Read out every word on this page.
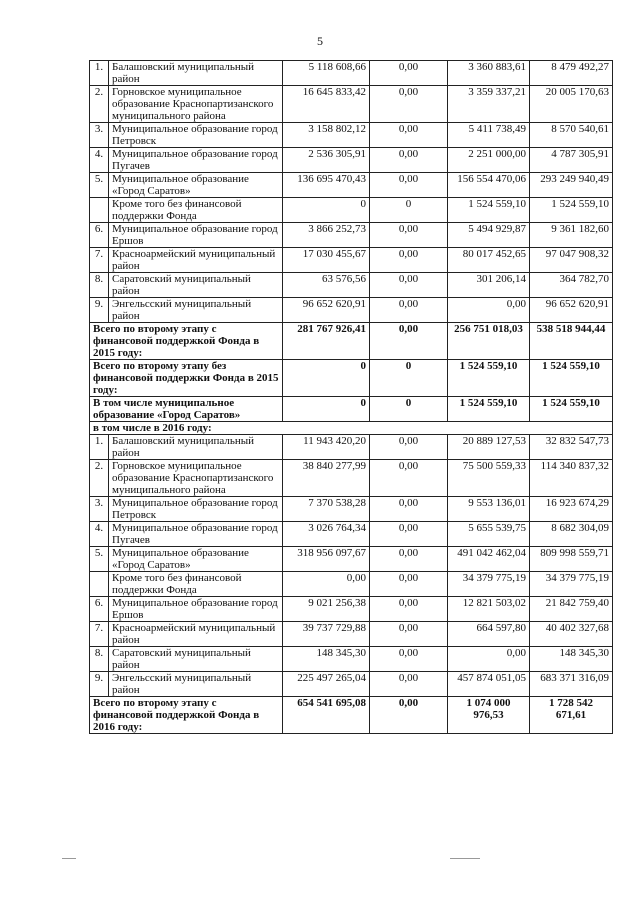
5
1.	Балашовский муниципальный район	5 118 608,66	0,00	3 360 883,61	8 479 492,27
2.	Горновское муниципальное образование Краснопартизанского муниципального района	16 645 833,42	0,00	3 359 337,21	20 005 170,63
3.	Муниципальное образование город Петровск	3 158 802,12	0,00	5 411 738,49	8 570 540,61
4.	Муниципальное образование город Пугачев	2 536 305,91	0,00	2 251 000,00	4 787 305,91
5.	Муниципальное образование «Город Саратов»	136 695 470,43	0,00	156 554 470,06	293 249 940,49
	Кроме того без финансовой поддержки Фонда	0	0	1 524 559,10	1 524 559,10
6.	Муниципальное образование город Ершов	3 866 252,73	0,00	5 494 929,87	9 361 182,60
7.	Красноармейский муниципальный район	17 030 455,67	0,00	80 017 452,65	97 047 908,32
8.	Саратовский муниципальный район	63 576,56	0,00	301 206,14	364 782,70
9.	Энгельсский муниципальный район	96 652 620,91	0,00	0,00	96 652 620,91
Всего по второму этапу с финансовой поддержкой Фонда в 2015 году:		281 767 926,41	0,00	256 751 018,03	538 518 944,44
Всего по второму этапу без финансовой поддержки Фонда в 2015 году:		0	0	1 524 559,10	1 524 559,10
В том числе муниципальное образование «Город Саратов»		0	0	1 524 559,10	1 524 559,10
в том числе в 2016 году:					
1.	Балашовский муниципальный район	11 943 420,20	0,00	20 889 127,53	32 832 547,73
2.	Горновское муниципальное образование Краснопартизанского муниципального района	38 840 277,99	0,00	75 500 559,33	114 340 837,32
3.	Муниципальное образование город Петровск	7 370 538,28	0,00	9 553 136,01	16 923 674,29
4.	Муниципальное образование город Пугачев	3 026 764,34	0,00	5 655 539,75	8 682 304,09
5.	Муниципальное образование «Город Саратов»	318 956 097,67	0,00	491 042 462,04	809 998 559,71
	Кроме того без финансовой поддержки Фонда	0,00	0,00	34 379 775,19	34 379 775,19
6.	Муниципальное образование город Ершов	9 021 256,38	0,00	12 821 503,02	21 842 759,40
7.	Красноармейский муниципальный район	39 737 729,88	0,00	664 597,80	40 402 327,68
8.	Саратовский муниципальный район	148 345,30	0,00	0,00	148 345,30
9.	Энгельсский муниципальный район	225 497 265,04	0,00	457 874 051,05	683 371 316,09
Всего по второму этапу с финансовой поддержкой Фонда в 2016 году:		654 541 695,08	0,00	1 074 000 976,53	1 728 542 671,61
